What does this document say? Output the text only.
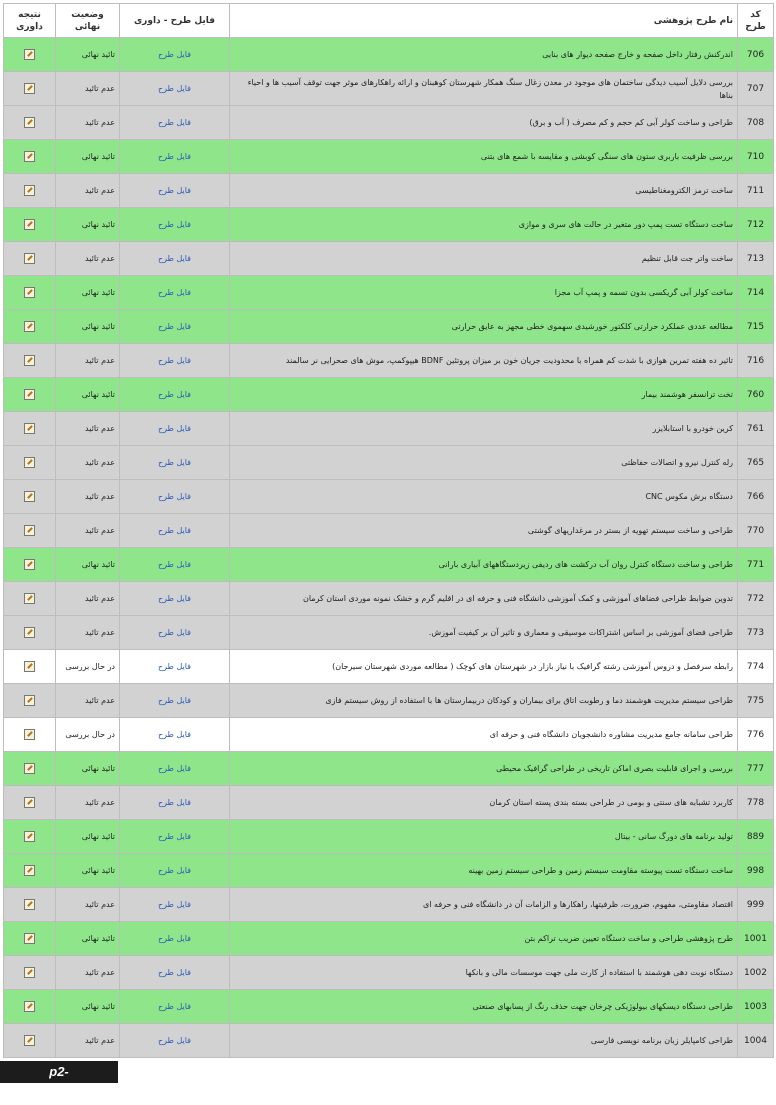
کد طرح	نام طرح پژوهشی	فایل طرح - داوری	وضعیت نهائی	نتیجه داوری
706	اندرکنش رفتار داخل صفحه و خارج صفحه دیوار های بنایی	فایل طرح	تائید نهائی	
707	بررسی دلایل آسیب دیدگی ساختمان های موجود در معدن زغال سنگ همکار شهرستان کوهبنان و ارائه راهکارهای موثر جهت توقف آسیب ها و احیاء بناها	فایل طرح	عدم تائید	
708	طراحی و ساخت کولر آبی کم حجم و کم مصرف ( آب و برق)	فایل طرح	عدم تائید	
710	بررسی ظرفیت باربری ستون های سنگی کوبشی و مقایسه با شمع های بتنی	فایل طرح	تائید نهائی	
711	ساخت ترمز الکترومغناطیسی	فایل طرح	عدم تائید	
712	ساخت دستگاه تست پمپ دور متغیر در حالت های سری و موازی	فایل طرح	تائید نهائی	
713	ساخت واتر جت قابل تنظیم	فایل طرح	عدم تائید	
714	ساخت کولر آبی گریکسی بدون تسمه و پمپ آب مجزا	فایل طرح	تائید نهائی	
715	مطالعه عددی عملکرد حرارتی کلکتور خورشیدی سهموی خطی مجهز به عایق حرارتی	فایل طرح	تائید نهائی	
716	تاثیر ده هفته تمرین هوازی با شدت کم همراه با محدودیت جریان خون بر میزان پروتئین BDNF هیپوکمپ، موش های صحرایی نر سالمند	فایل طرح	عدم تائید	
760	تخت ترانسفر هوشمند بیمار	فایل طرح	تائید نهائی	
761	کرین خودرو با استابلایزر	فایل طرح	عدم تائید	
765	رله کنترل نیرو و اتصالات حفاظتی	فایل طرح	عدم تائید	
766	دستگاه برش مکوس CNC	فایل طرح	عدم تائید	
770	طراحی و ساخت سیستم تهویه از بستر در مرغداریهای گوشتی	فایل طرح	عدم تائید	
771	طراحی و ساخت دستگاه کنترل روان آب درکشت های ردیفی زیردستگاههای آبیاری بارانی	فایل طرح	تائید نهائی	
772	تدوین ضوابط طراحی فضاهای آموزشی و کمک آموزشی دانشگاه فنی و حرفه ای در اقلیم گرم و خشک نمونه موردی استان کرمان	فایل طرح	عدم تائید	
773	طراحی فضای آموزشی بر اساس اشتراکات موسیقی و معماری و تاثیر آن بر کیفیت آموزش.	فایل طرح	عدم تائید	
774	رابطه سرفصل و دروس آموزشی رشته گرافیک با نیاز بازار در شهرستان های کوچک ( مطالعه موردی شهرستان سیرجان)	فایل طرح	در حال بررسی	
775	طراحی سیستم مدیریت هوشمند دما و رطوبت اتاق برای بیماران و کودکان دربیمارستان ها با استفاده از روش سیستم فازی	فایل طرح	عدم تائید	
776	طراحی سامانه جامع مدیریت مشاوره دانشجویان دانشگاه فنی و حرفه ای	فایل طرح	در حال بررسی	
777	بررسی و اجرای قابلیت بصری اماکن تاریخی در طراحی گرافیک محیطی	فایل طرح	تائید نهائی	
778	کاربرد تشبابه های سنتی و بومی در طراحی بسته بندی پسته استان کرمان	فایل طرح	عدم تائید	
889	تولید برنامه های دورگ سانی - بیتال	فایل طرح	تائید نهائی	
998	ساخت دستگاه تست پیوسته مقاومت سیستم زمین و طراحی سیستم زمین بهینه	فایل طرح	تائید نهائی	
999	اقتصاد مقاومتی، مفهوم، ضرورت، ظرفیتها، راهکارها و الزامات آن در دانشگاه فنی و حرفه ای	فایل طرح	عدم تائید	
1001	طرح پژوهشی طراحی و ساخت دستگاه تعیین ضریب تراکم بتن	فایل طرح	تائید نهائی	
1002	دستگاه نوبت دهی هوشمند با استفاده از کارت ملی جهت موسسات مالی و بانکها	فایل طرح	عدم تائید	
1003	طراحی دستگاه دیسکهای بیولوژیکی چرخان جهت حذف رنگ از پسابهای صنعتی	فایل طرح	تائید نهائی	
1004	طراحی کامپایلر زبان برنامه نویسی فارسی	فایل طرح	عدم تائید	
p2-kerman.tvu.ac.ir
